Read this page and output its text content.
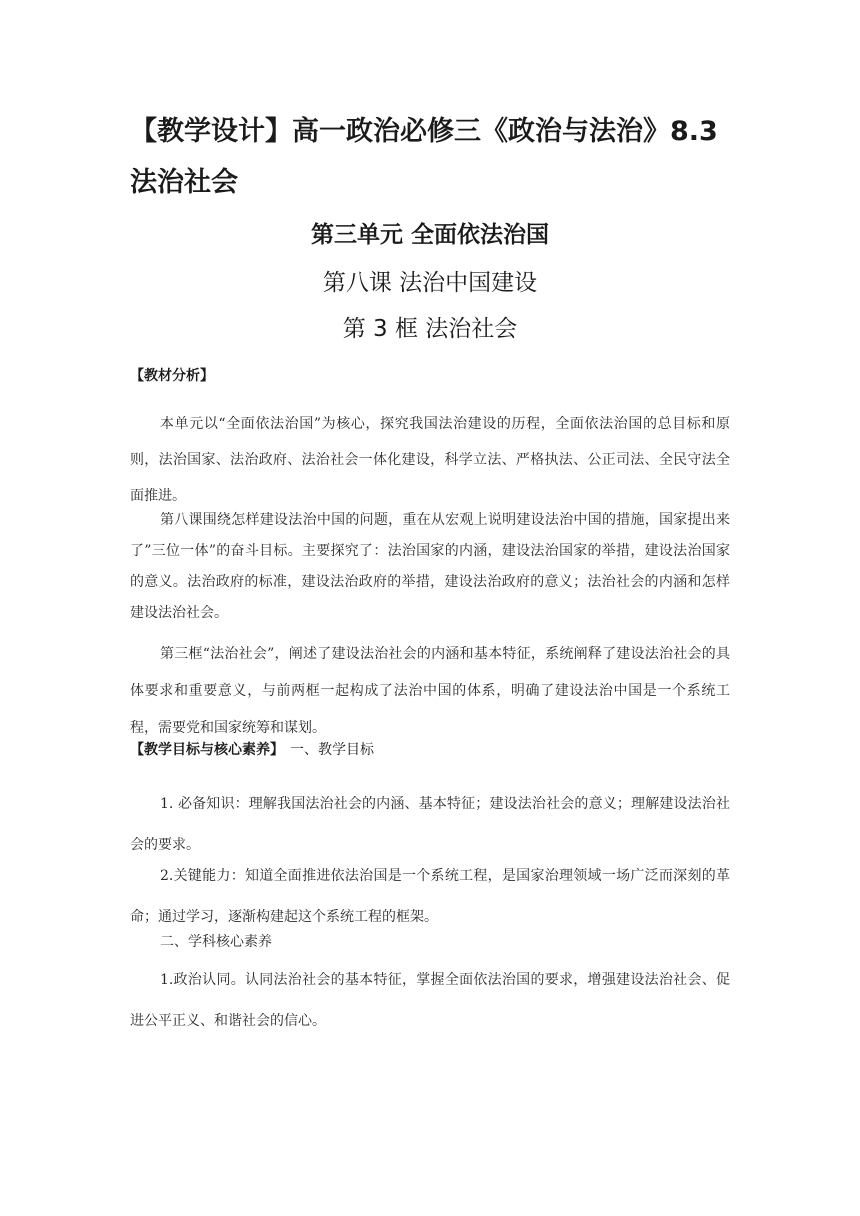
【教学设计】高一政治必修三《政治与法治》8.3 法治社会

第三单元 全面依法治国

第八课 法治中国建设

第 3 框 法治社会

【教材分析】

本单元以“全面依法治国”为核心，探究我国法治建设的历程，全面依法治国的总目标和原则，法治国家、法治政府、法治社会一体化建设，科学立法、严格执法、公正司法、全民守法全面推进。

第八课围绕怎样建设法治中国的问题，重在从宏观上说明建设法治中国的措施，国家提出来了”三位一体”的奋斗目标。主要探究了：法治国家的内涵，建设法治国家的举措，建设法治国家的意义。法治政府的标准，建设法治政府的举措，建设法治政府的意义；法治社会的内涵和怎样建设法治社会。

第三框“法治社会”，阐述了建设法治社会的内涵和基本特征，系统阐释了建设法治社会的具体要求和重要意义，与前两框一起构成了法治中国的体系，明确了建设法治中国是一个系统工程，需要党和国家统筹和谋划。

【教学目标与核心素养】 一、教学目标

1. 必备知识：理解我国法治社会的内涵、基本特征；建设法治社会的意义；理解建设法治社会的要求。

2.关键能力：知道全面推进依法治国是一个系统工程，是国家治理领域一场广泛而深刻的革命；通过学习，逐渐构建起这个系统工程的框架。

二、学科核心素养

1.政治认同。认同法治社会的基本特征，掌握全面依法治国的要求，增强建设法治社会、促进公平正义、和谐社会的信心。
